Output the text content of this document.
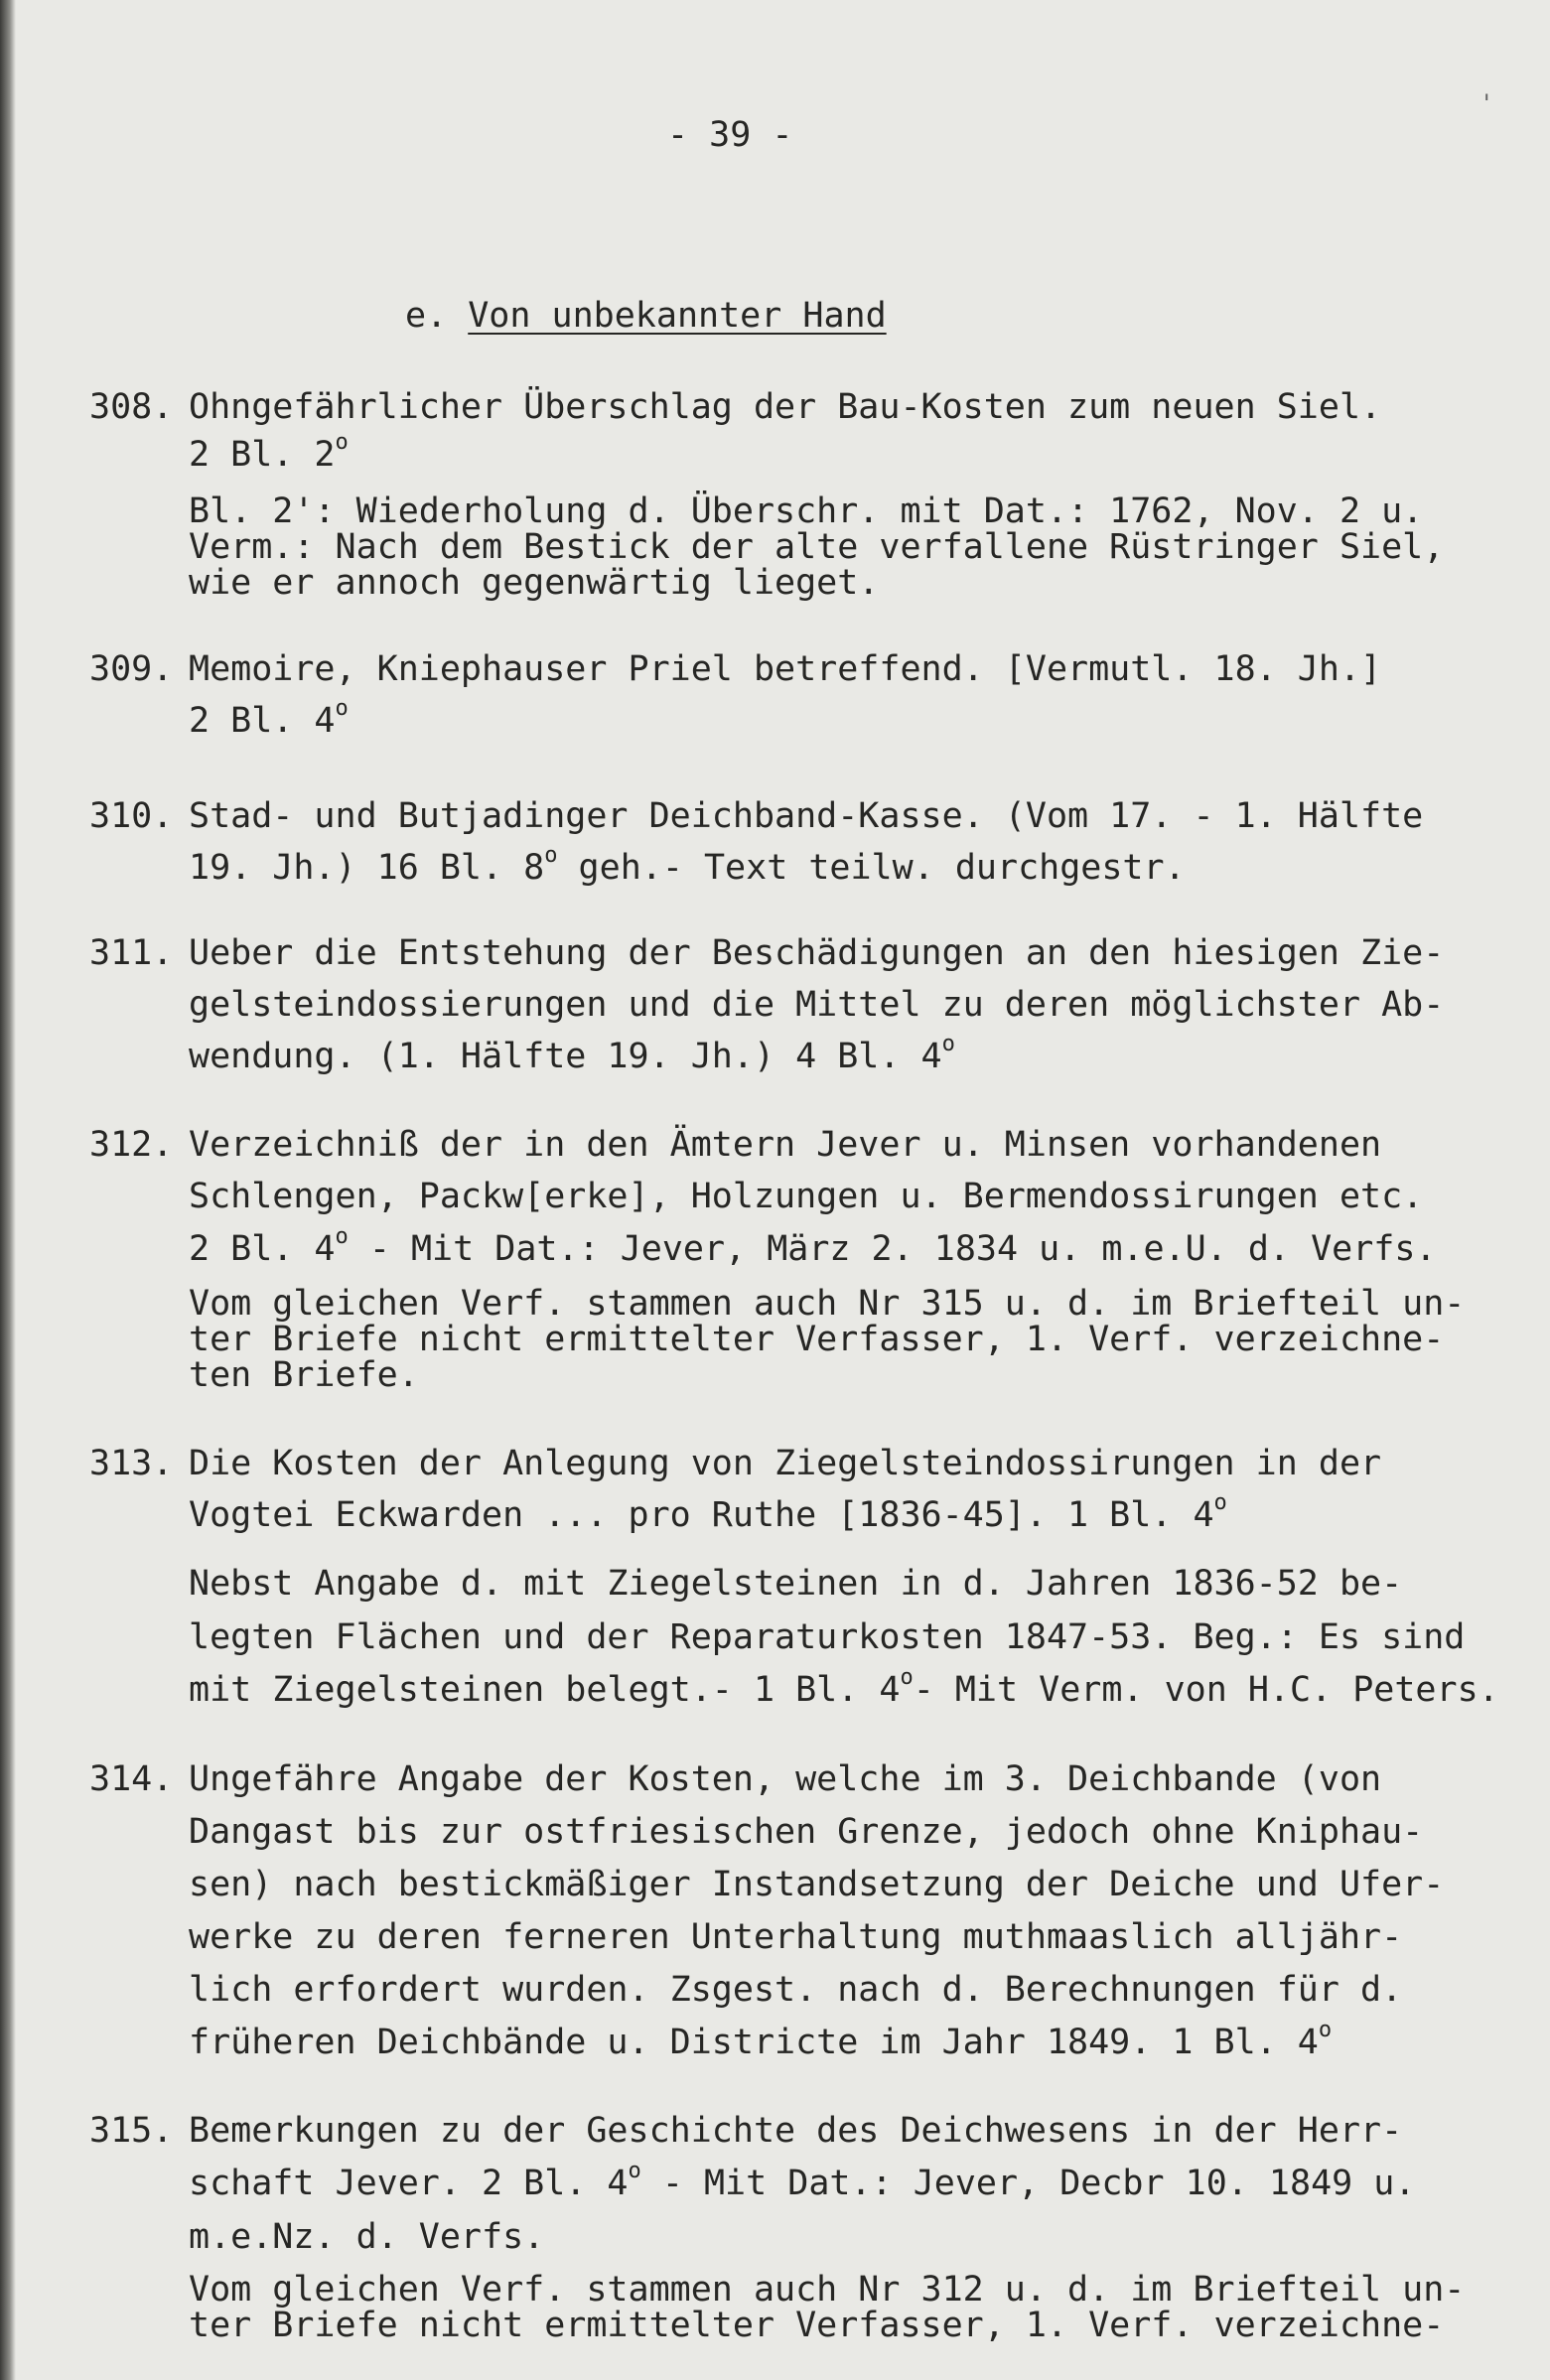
'
- 39 -
e. Von unbekannter Hand
308. Ohngefährlicher Überschlag der Bau-Kosten zum neuen Siel.
2 Bl. 2$^o$
Bl. 2': Wiederholung d. Überschr. mit Dat.: 1762, Nov. 2 u.
Verm.: Nach dem Bestick der alte verfallene Rüstringer Siel,
wie er annoch gegenwärtig lieget.
309. Memoire, Kniephauser Priel betreffend. [Vermutl. 18. Jh.]
2 Bl. 4$^o$
310. Stad- und Butjadinger Deichband-Kasse. (Vom 17. - 1. Hälfte
19. Jh.) 16 Bl. 8$^o$ geh.- Text teilw. durchgestr.
311. Ueber die Entstehung der Beschädigungen an den hiesigen Zie-
gelsteindossierungen und die Mittel zu deren möglichster Ab-
wendung. (1. Hälfte 19. Jh.) 4 Bl. 4$^o$
312. Verzeichniß der in den Ämtern Jever u. Minsen vorhandenen
Schlengen, Packw[erke], Holzungen u. Bermendossirungen etc.
2 Bl. 4$^o$ - Mit Dat.: Jever, März 2. 1834 u. m.e.U. d. Verfs.
Vom gleichen Verf. stammen auch Nr 315 u. d. im Briefteil un-
ter Briefe nicht ermittelter Verfasser, 1. Verf. verzeichne-
ten Briefe.
313. Die Kosten der Anlegung von Ziegelsteindossirungen in der
Vogtei Eckwarden ... pro Ruthe [1836-45]. 1 Bl. 4$^o$
Nebst Angabe d. mit Ziegelsteinen in d. Jahren 1836-52 be-
legten Flächen und der Reparaturkosten 1847-53. Beg.: Es sind
mit Ziegelsteinen belegt.- 1 Bl. 4$^o$- Mit Verm. von H.C. Peters.
314. Ungefähre Angabe der Kosten, welche im 3. Deichbande (von
Dangast bis zur ostfriesischen Grenze, jedoch ohne Kniphau-
sen) nach bestickmäßiger Instandsetzung der Deiche und Ufer-
werke zu deren ferneren Unterhaltung muthmaaslich alljähr-
lich erfordert wurden. Zsgest. nach d. Berechnungen für d.
früheren Deichbände u. Districte im Jahr 1849. 1 Bl. 4$^o$
315. Bemerkungen zu der Geschichte des Deichwesens in der Herr-
schaft Jever. 2 Bl. 4$^o$ - Mit Dat.: Jever, Decbr 10. 1849 u.
m.e.Nz. d. Verfs.
Vom gleichen Verf. stammen auch Nr 312 u. d. im Briefteil un-
ter Briefe nicht ermittelter Verfasser, 1. Verf. verzeichne-
